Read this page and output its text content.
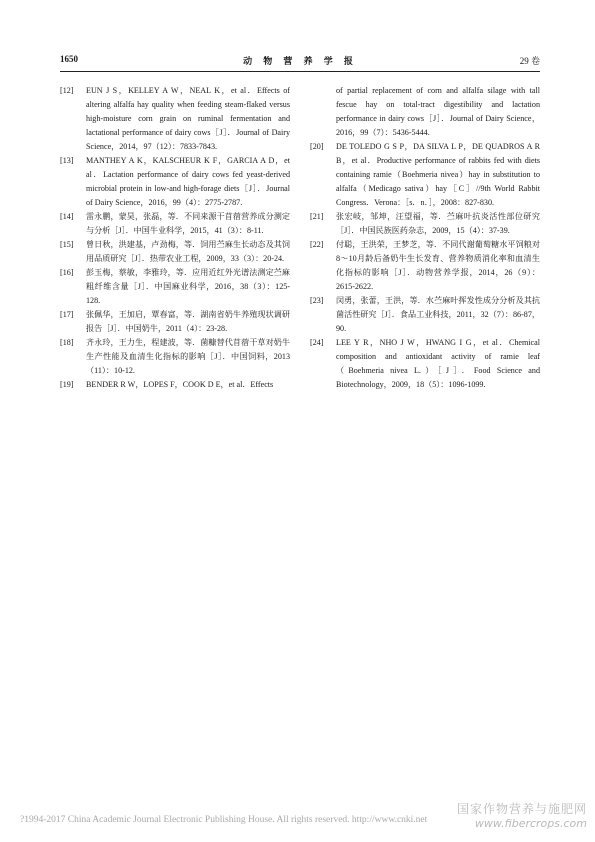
1650	动 物 营 养 学 报	29 卷
[12]	EUN J S，KELLEY A W，NEAL K，et al．Effects of altering alfalfa hay quality when feeding steam-flaked versus high-moisture corn grain on ruminal fermentation and lactational performance of dairy cows［J］．Journal of Dairy Science，2014，97（12）：7833-7843.
[13]	MANTHEY A K，KALSCHEUR K F，GARCIA A D，et al．Lactation performance of dairy cows fed yeast-derived microbial protein in low-and high-forage diets［J］．Journal of Dairy Science，2016，99（4）：2775-2787.
[14]	雷永鹏，蒙昊，张磊，等．不同来源干苜蓿营养成分测定与分析［J］．中国牛业科学，2015，41（3）：8-11.
[15]	曾日秋，洪建基，卢劲梅，等．饲用苎麻生长动态及其饲用品质研究［J］．热带农业工程，2009，33（3）：20-24.
[16]	彭玉梅，蔡敏，李雅玲，等．应用近红外光谱法测定苎麻粗纤维含量［J］．中国麻业科学，2016，38（3）：125-128.
[17]	张佩华，王加启，覃春富，等．湖南省奶牛养殖现状调研报告［J］．中国奶牛，2011（4）：23-28.
[18]	齐永玲，王力生，程建波，等．菌糠替代苜蓿干草对奶牛生产性能及血清生化指标的影响［J］．中国饲料，2013（11）：10-12.
[19]	BENDER R W，LOPES F，COOK D E，et al．Effects
of partial replacement of corn and alfalfa silage with tall fescue hay on total-tract digestibility and lactation performance in dairy cows［J］．Journal of Dairy Science，2016，99（7）：5436-5444.
[20]	DE TOLEDO G S P，DA SILVA L P，DE QUADROS A R B，et al．Productive performance of rabbits fed with diets containing ramie（Boehmeria nivea）hay in substitution to alfalfa（Medicago sativa）hay［C］//9th World Rabbit Congress．Verona：［s．n．］，2008：827-830.
[21]	张宏岐，邹坤，汪望福，等．苎麻叶抗炎活性部位研究［J］．中国民族医药杂志，2009，15（4）：37-39.
[22]	付聪，王洪荣，王梦芝，等．不同代谢葡萄糖水平饲粮对8～10月龄后备奶牛生长发育、营养物质消化率和血清生化指标的影响［J］．动物营养学报，2014，26（9）：2615-2622.
[23]	闵勇，张蕾，王洪，等．水苎麻叶挥发性成分分析及其抗菌活性研究［J］．食品工业科技，2011，32（7）：86-87，90.
[24]	LEE Y R，NHO J W，HWANG I G，et al．Chemical composition and antioxidant activity of ramie leaf（Boehmeria nivea L.）［J］．Food Science and Biotechnology，2009，18（5）：1096-1099.
?1994-2017 China Academic Journal Electronic Publishing House. All rights reserved. http://www.cnki.net
国家作物营养与施肥网
www.fibercrops.com
